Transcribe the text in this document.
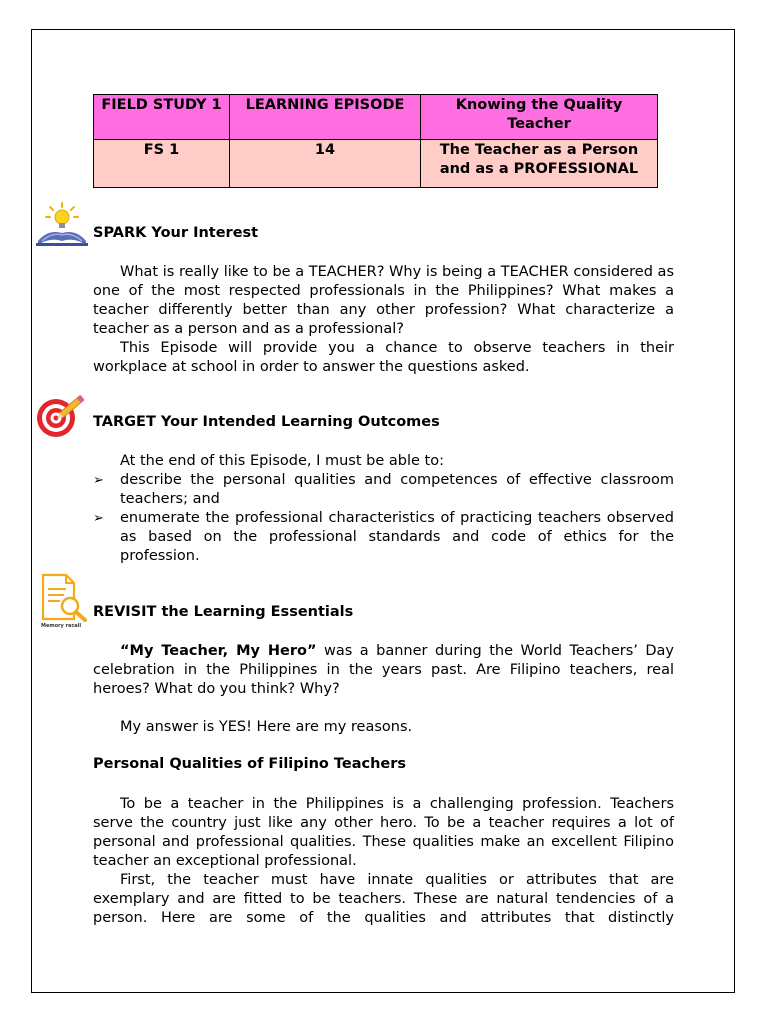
FIELD STUDY 1	LEARNING EPISODE	Knowing the Quality Teacher
FS 1	14	The Teacher as a Person and as a PROFESSIONAL
SPARK Your Interest

What is really like to be a TEACHER? Why is being a TEACHER considered as one of the most respected professionals in the Philippines? What makes a teacher differently better than any other profession? What characterize a teacher as a person and as a professional?

This Episode will provide you a chance to observe teachers in their workplace at school in order to answer the questions asked.

TARGET Your Intended Learning Outcomes

At the end of this Episode, I must be able to:

➢ describe the personal qualities and competences of effective classroom teachers; and
➢ enumerate the professional characteristics of practicing teachers observed as based on the professional standards and code of ethics for the profession.
Memory recall
REVISIT the Learning Essentials

“My Teacher, My Hero” was a banner during the World Teachers’ Day celebration in the Philippines in the years past. Are Filipino teachers, real heroes? What do you think? Why?

My answer is YES! Here are my reasons.

Personal Qualities of Filipino Teachers

To be a teacher in the Philippines is a challenging profession. Teachers serve the country just like any other hero. To be a teacher requires a lot of personal and professional qualities. These qualities make an excellent Filipino teacher an exceptional professional.

First, the teacher must have innate qualities or attributes that are exemplary and are fitted to be teachers. These are natural tendencies of a person. Here are some of the qualities and attributes that distinctly
